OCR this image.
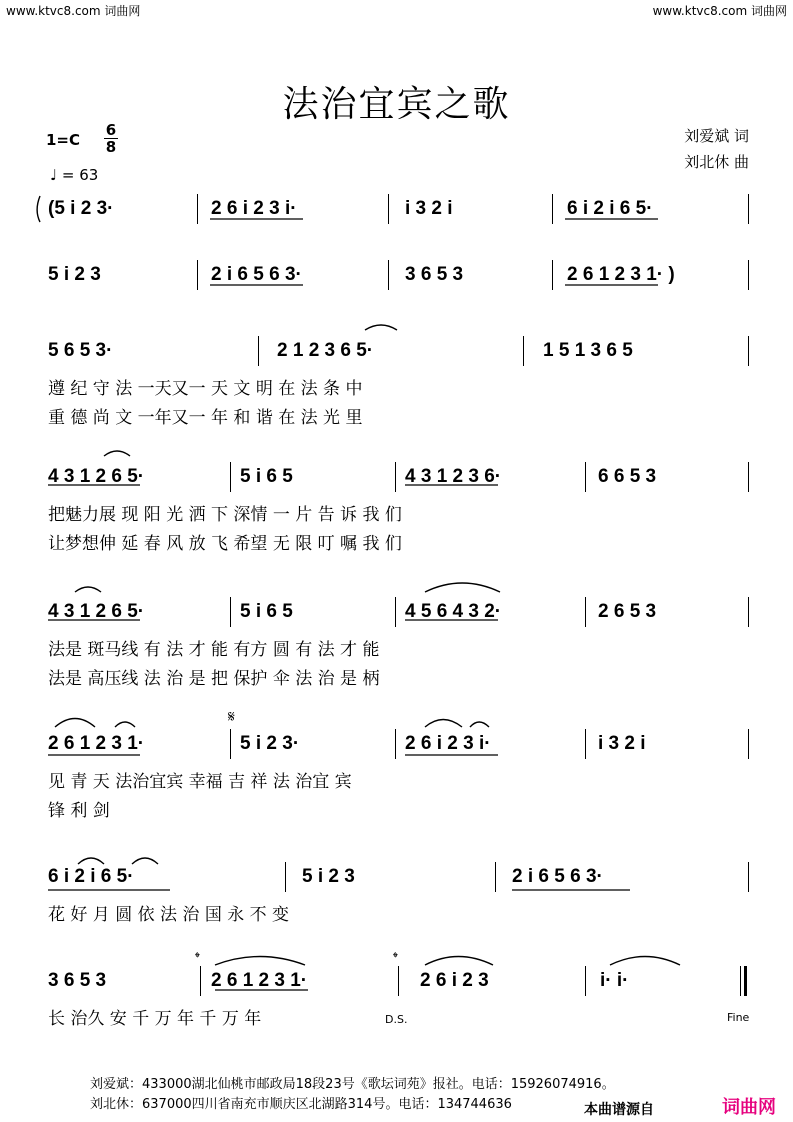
www.ktvc8.com 词曲网	www.ktvc8.com 词曲网
法治宜宾之歌
1=C
6
8
♩ = 63
刘爱斌 词
刘北休 曲
(5 i 2 3·	2 6 i 2 3 i·	i 3 2 i	6 i 2 i 6 5·
5 i 2 3	2 i 6 5 6 3·	3 6 5 3	2 6 1 2 3 1· )
5 6 5 3·	2 1 2 3 6 5·	1 5 1 3 6 5
遵 纪 守 法 一天又一 天 文 明 在 法 条 中
重 德 尚 文 一年又一 年 和 谐 在 法 光 里
4 3 1 2 6 5·	5 i 6 5	4 3 1 2 3 6·	6 6 5 3
把魅力展 现 阳 光 洒 下 深情 一 片 告 诉 我 们
让梦想伸 延 春 风 放 飞 希望 无 限 叮 嘱 我 们
4 3 1 2 6 5·	5 i 6 5	4 5 6 4 3 2·	2 6 5 3
法是 斑马线 有 法 才 能 有方 圆 有 法 才 能
法是 高压线 法 治 是 把 保护 伞 法 治 是 柄
2 6 1 2 3 1·	5 i 2 3·	2 6 i 2 3 i·	i 3 2 i
见 青 天 法治宜宾 幸福 吉 祥 法 治宜 宾
锋 利 剑
6 i 2 i 6 5·	5 i 2 3	2 i 6 5 6 3·
花 好 月 圆 依 法 治 国 永 不 变
3 6 5 3	2 6 1 2 3 1·	2 6 i 2 3	i· i·
长 治久 安 千 万 年 千 万 年
𝄋
𝄌	𝄌
D.S.	Fine
刘爱斌：433000湖北仙桃市邮政局18段23号《歌坛词苑》报社。电话：15926074916。
刘北休：637000四川省南充市顺庆区北湖路314号。电话：134744636	本曲谱源自	词曲网
